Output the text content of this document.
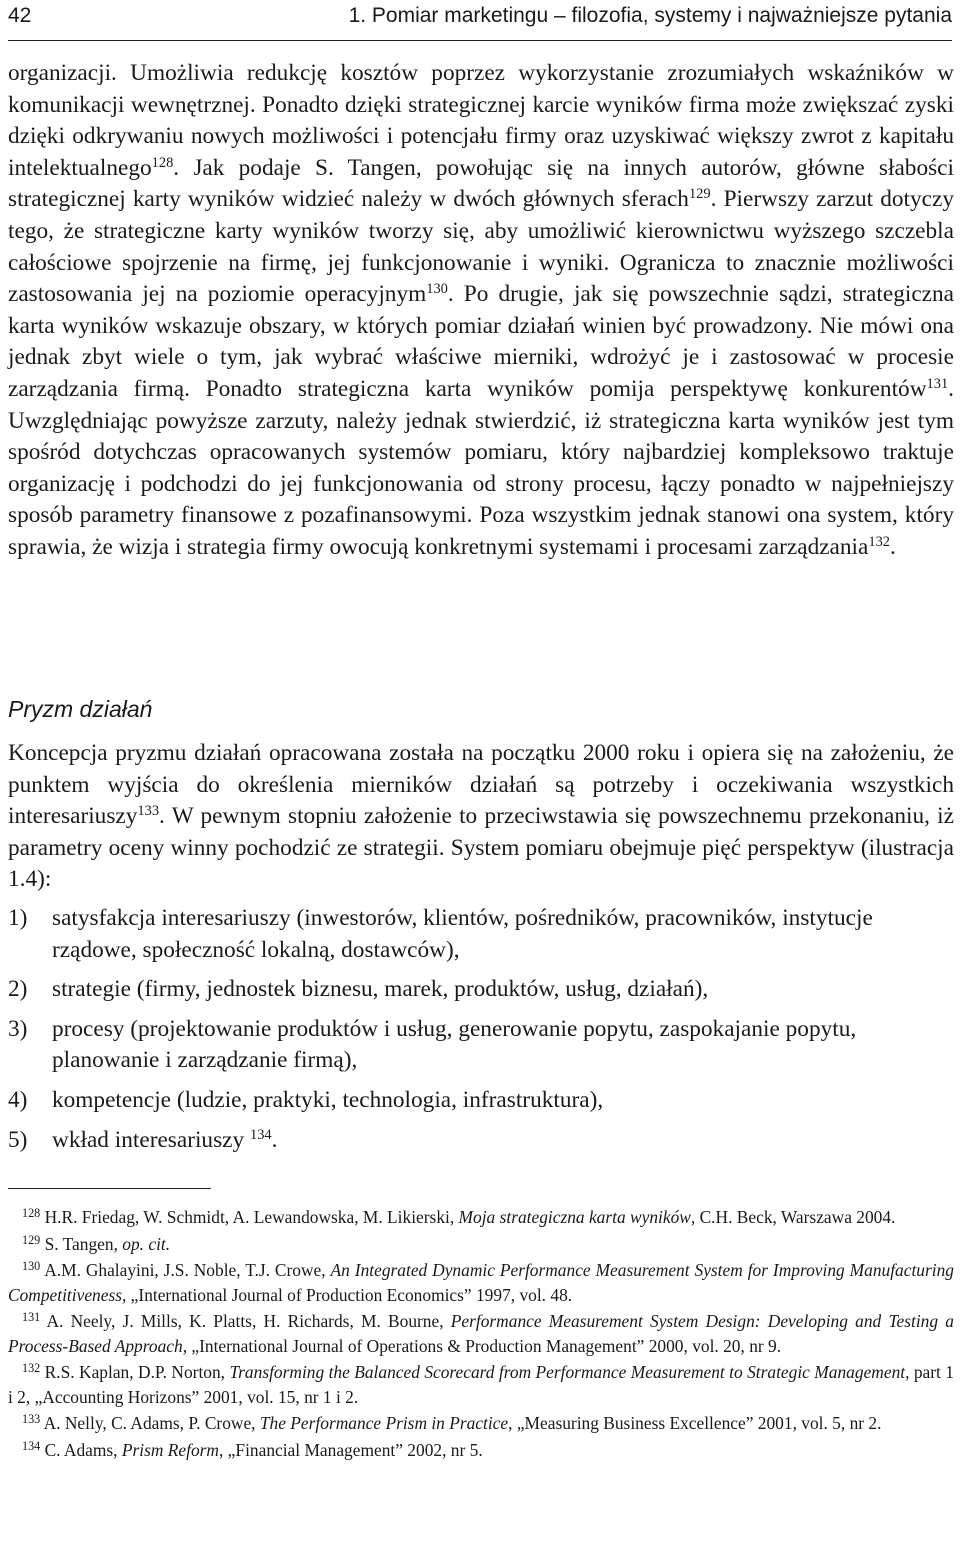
42	1. Pomiar marketingu – filozofia, systemy i najważniejsze pytania

organizacji. Umożliwia redukcję kosztów poprzez wykorzystanie zrozumiałych wskaźników w komunikacji wewnętrznej. Ponadto dzięki strategicznej karcie wyników firma może zwiększać zyski dzięki odkrywaniu nowych możliwości i potencjału firmy oraz uzyskiwać większy zwrot z kapitału intelektualnego$^{128}$. Jak podaje S. Tangen, powołując się na innych autorów, główne słabości strategicznej karty wyników widzieć należy w dwóch głównych sferach$^{129}$. Pierwszy zarzut dotyczy tego, że strategiczne karty wyników tworzy się, aby umożliwić kierownictwu wyższego szczebla całościowe spojrzenie na firmę, jej funkcjonowanie i wyniki. Ogranicza to znacznie możliwości zastosowania jej na poziomie operacyjnym$^{130}$. Po drugie, jak się powszechnie sądzi, strategiczna karta wyników wskazuje obszary, w których pomiar działań winien być prowadzony. Nie mówi ona jednak zbyt wiele o tym, jak wybrać właściwe mierniki, wdrożyć je i zastosować w procesie zarządzania firmą. Ponadto strategiczna karta wyników pomija perspektywę konkurentów$^{131}$. Uwzględniając powyższe zarzuty, należy jednak stwierdzić, iż strategiczna karta wyników jest tym spośród dotychczas opracowanych systemów pomiaru, który najbardziej kompleksowo traktuje organizację i podchodzi do jej funkcjonowania od strony procesu, łączy ponadto w najpełniejszy sposób parametry finansowe z pozafinansowymi. Poza wszystkim jednak stanowi ona system, który sprawia, że wizja i strategia firmy owocują konkretnymi systemami i procesami zarządzania$^{132}$.

Pryzm działań

Koncepcja pryzmu działań opracowana została na początku 2000 roku i opiera się na założeniu, że punktem wyjścia do określenia mierników działań są potrzeby i oczekiwania wszystkich interesariuszy$^{133}$. W pewnym stopniu założenie to przeciwstawia się powszechnemu przekonaniu, iż parametry oceny winny pochodzić ze strategii. System pomiaru obejmuje pięć perspektyw (ilustracja 1.4):

1) satysfakcja interesariuszy (inwestorów, klientów, pośredników, pracowników, instytucje rządowe, społeczność lokalną, dostawców),
2) strategie (firmy, jednostek biznesu, marek, produktów, usług, działań),
3) procesy (projektowanie produktów i usług, generowanie popytu, zaspokajanie popytu, planowanie i zarządzanie firmą),
4) kompetencje (ludzie, praktyki, technologia, infrastruktura),
5) wkład interesariuszy $^{134}$.

$^{128}$ H.R. Friedag, W. Schmidt, A. Lewandowska, M. Likierski, Moja strategiczna karta wyników, C.H. Beck, Warszawa 2004.

$^{129}$ S. Tangen, op. cit.

$^{130}$ A.M. Ghalayini, J.S. Noble, T.J. Crowe, An Integrated Dynamic Performance Measurement System for Improving Manufacturing Competitiveness, „International Journal of Production Economics” 1997, vol. 48.

$^{131}$ A. Neely, J. Mills, K. Platts, H. Richards, M. Bourne, Performance Measurement System Design: Developing and Testing a Process-Based Approach, „International Journal of Operations & Production Management” 2000, vol. 20, nr 9.

$^{132}$ R.S. Kaplan, D.P. Norton, Transforming the Balanced Scorecard from Performance Measurement to Strategic Management, part 1 i 2, „Accounting Horizons” 2001, vol. 15, nr 1 i 2.

$^{133}$ A. Nelly, C. Adams, P. Crowe, The Performance Prism in Practice, „Measuring Business Excellence” 2001, vol. 5, nr 2.

$^{134}$ C. Adams, Prism Reform, „Financial Management” 2002, nr 5.
